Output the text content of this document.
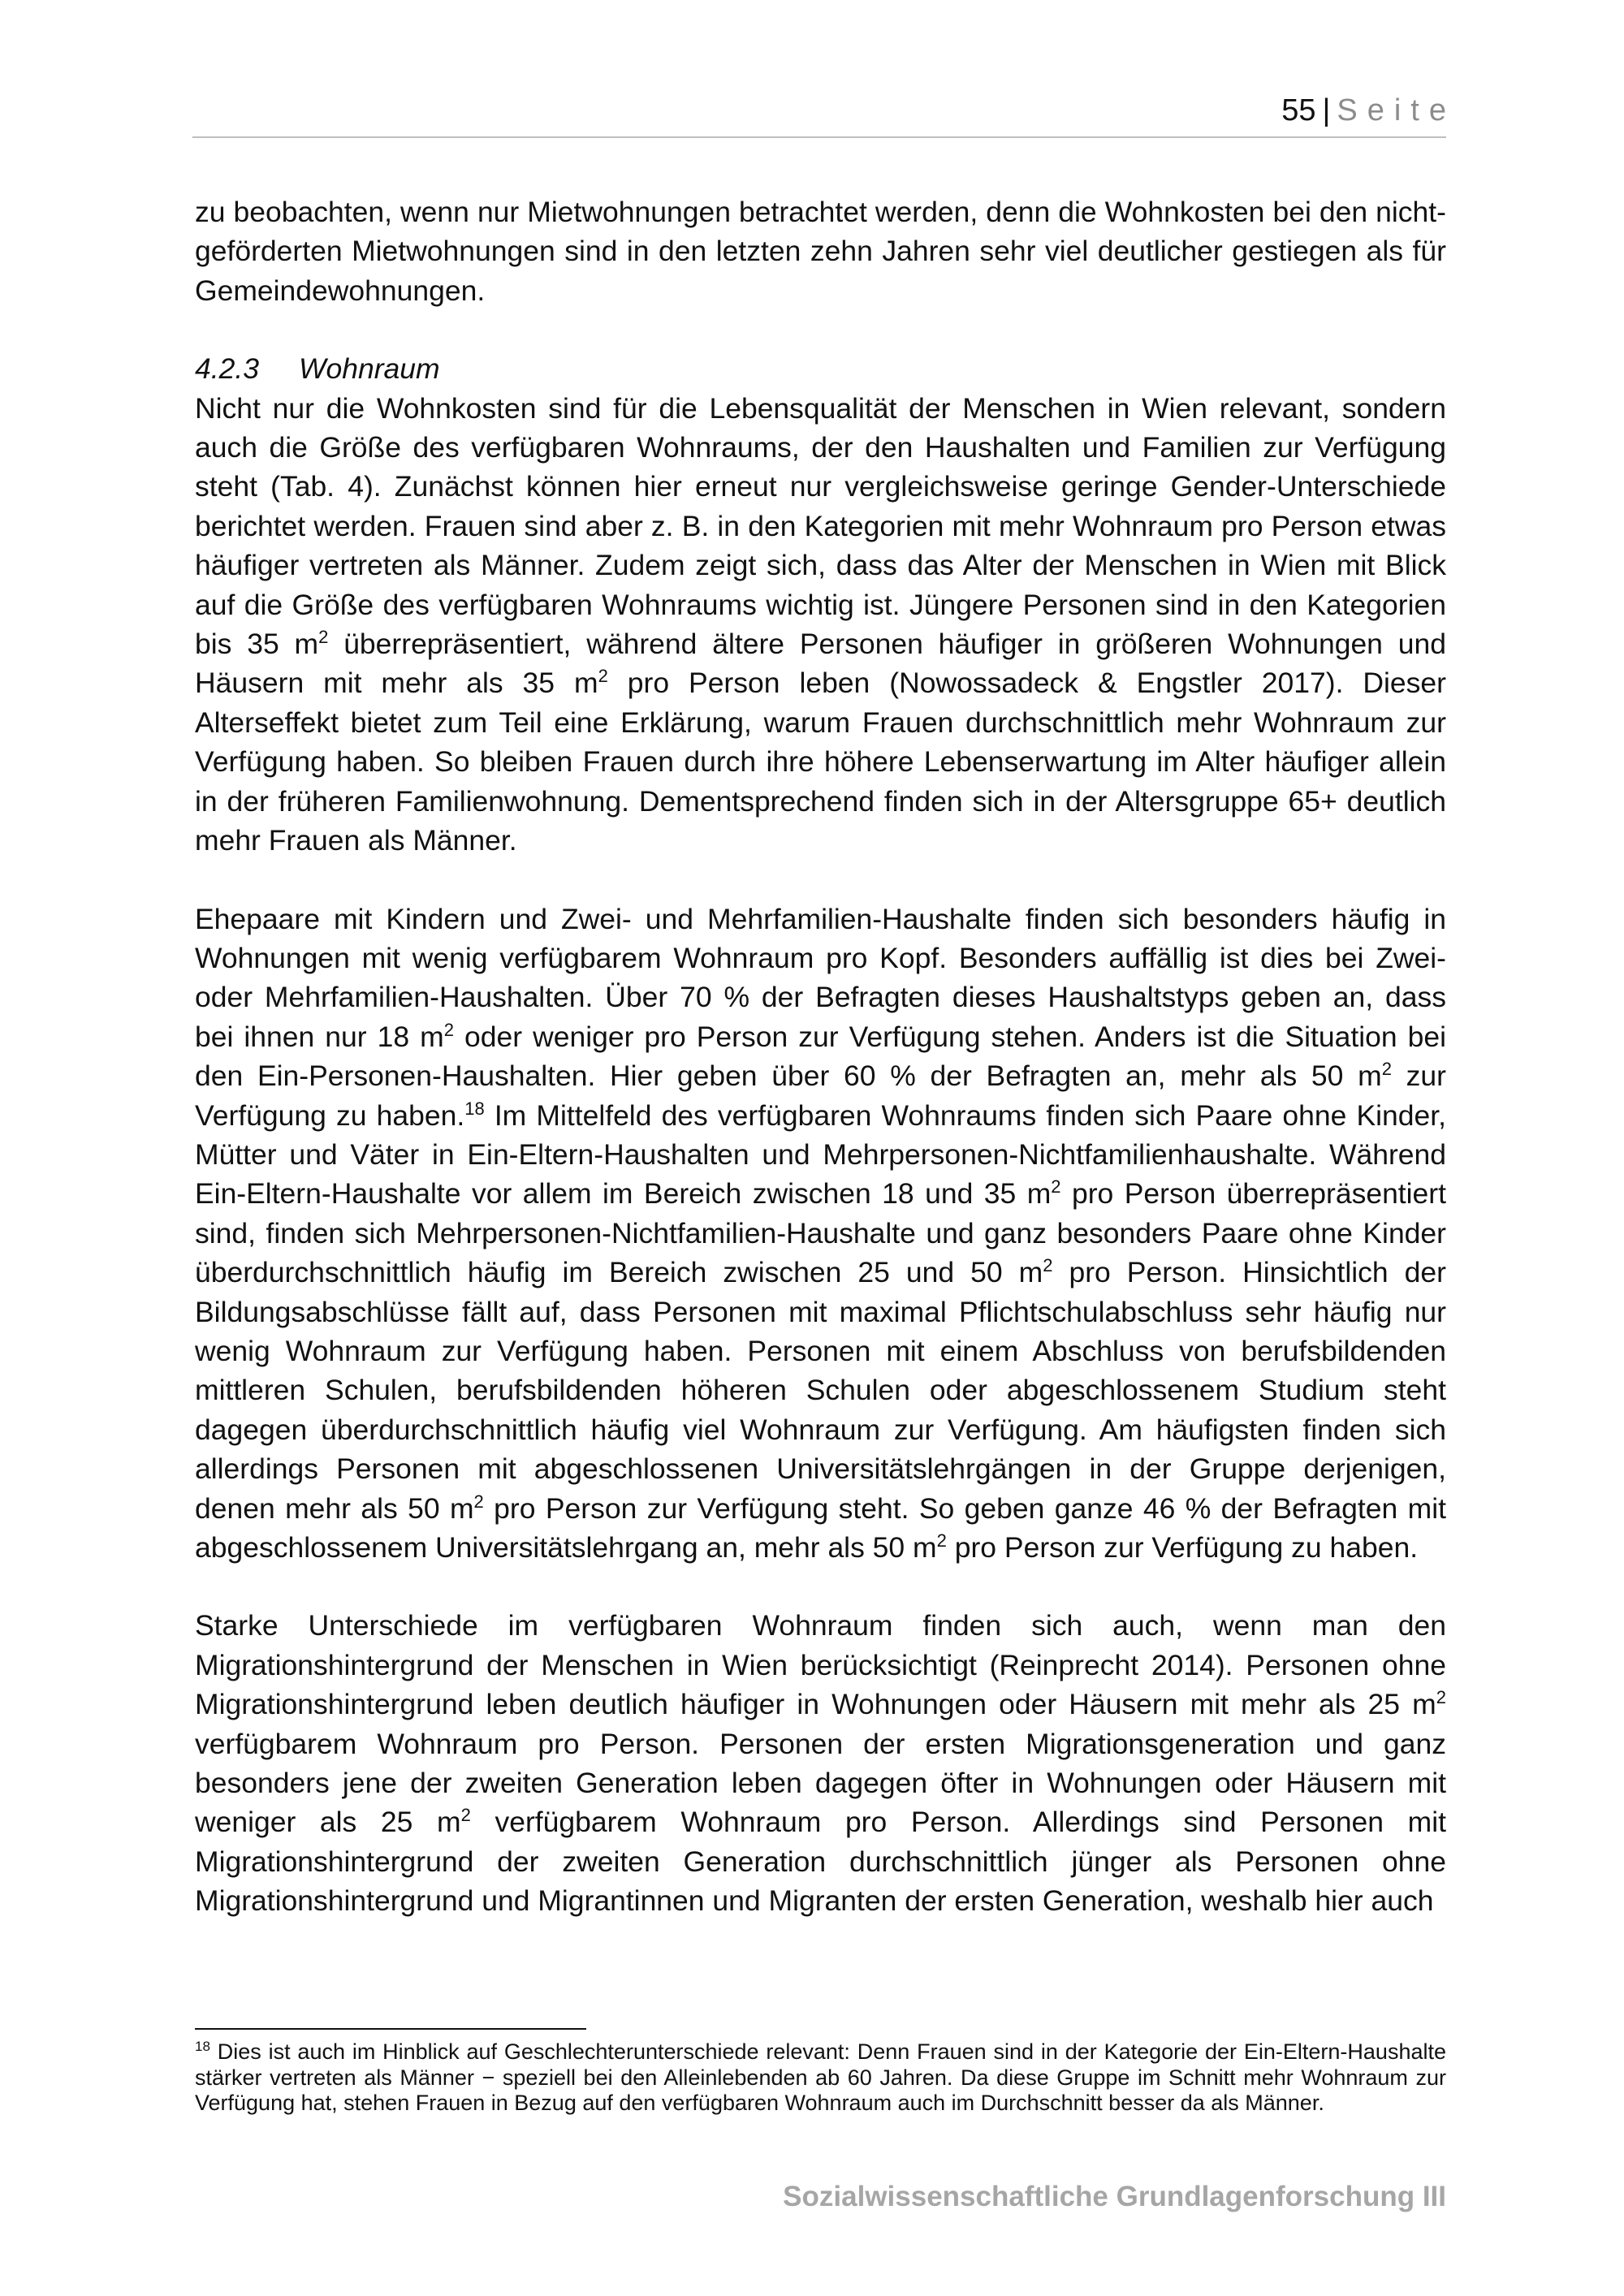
55 | Seite

zu beobachten, wenn nur Mietwohnungen betrachtet werden, denn die Wohnkosten bei den nicht-geförderten Mietwohnungen sind in den letzten zehn Jahren sehr viel deutlicher gestiegen als für Gemeindewohnungen.

4.2.3 Wohnraum

Nicht nur die Wohnkosten sind für die Lebensqualität der Menschen in Wien relevant, sondern auch die Größe des verfügbaren Wohnraums, der den Haushalten und Familien zur Verfügung steht (Tab. 4). Zunächst können hier erneut nur vergleichsweise geringe Gender-Unterschiede berichtet werden. Frauen sind aber z. B. in den Kategorien mit mehr Wohnraum pro Person etwas häufiger vertreten als Männer. Zudem zeigt sich, dass das Alter der Menschen in Wien mit Blick auf die Größe des verfügbaren Wohnraums wichtig ist. Jüngere Personen sind in den Kategorien bis 35 $m^2$ überrepräsentiert, während ältere Personen häufiger in größeren Wohnungen und Häusern mit mehr als 35 $m^2$ pro Person leben (Nowossadeck & Engstler 2017). Dieser Alterseffekt bietet zum Teil eine Erklärung, warum Frauen durchschnittlich mehr Wohnraum zur Verfügung haben. So bleiben Frauen durch ihre höhere Lebenserwartung im Alter häufiger allein in der früheren Familienwohnung. Dementsprechend finden sich in der Altersgruppe 65+ deutlich mehr Frauen als Männer.

Ehepaare mit Kindern und Zwei- und Mehrfamilien-Haushalte finden sich besonders häufig in Wohnungen mit wenig verfügbarem Wohnraum pro Kopf. Besonders auffällig ist dies bei Zwei- oder Mehrfamilien-Haushalten. Über 70 % der Befragten dieses Haushaltstyps geben an, dass bei ihnen nur 18 $m^2$ oder weniger pro Person zur Verfügung stehen. Anders ist die Situation bei den Ein-Personen-Haushalten. Hier geben über 60 % der Befragten an, mehr als 50 $m^2$ zur Verfügung zu haben.$^{18}$ Im Mittelfeld des verfügbaren Wohnraums finden sich Paare ohne Kinder, Mütter und Väter in Ein-Eltern-Haushalten und Mehrpersonen-Nichtfamilienhaushalte. Während Ein-Eltern-Haushalte vor allem im Bereich zwischen 18 und 35 $m^2$ pro Person überrepräsentiert sind, finden sich Mehrpersonen-Nichtfamilien-Haushalte und ganz besonders Paare ohne Kinder überdurchschnittlich häufig im Bereich zwischen 25 und 50 $m^2$ pro Person. Hinsichtlich der Bildungsabschlüsse fällt auf, dass Personen mit maximal Pflichtschulabschluss sehr häufig nur wenig Wohnraum zur Verfügung haben. Personen mit einem Abschluss von berufsbildenden mittleren Schulen, berufsbildenden höheren Schulen oder abgeschlossenem Studium steht dagegen überdurchschnittlich häufig viel Wohnraum zur Verfügung. Am häufigsten finden sich allerdings Personen mit abgeschlossenen Universitätslehrgängen in der Gruppe derjenigen, denen mehr als 50 $m^2$ pro Person zur Verfügung steht. So geben ganze 46 % der Befragten mit abgeschlossenem Universitätslehrgang an, mehr als 50 $m^2$ pro Person zur Verfügung zu haben.

Starke Unterschiede im verfügbaren Wohnraum finden sich auch, wenn man den Migrationshintergrund der Menschen in Wien berücksichtigt (Reinprecht 2014). Personen ohne Migrationshintergrund leben deutlich häufiger in Wohnungen oder Häusern mit mehr als 25 $m^2$ verfügbarem Wohnraum pro Person. Personen der ersten Migrationsgeneration und ganz besonders jene der zweiten Generation leben dagegen öfter in Wohnungen oder Häusern mit weniger als 25 $m^2$ verfügbarem Wohnraum pro Person. Allerdings sind Personen mit Migrationshintergrund der zweiten Generation durchschnittlich jünger als Personen ohne Migrationshintergrund und Migrantinnen und Migranten der ersten Generation, weshalb hier auch

$^{18}$ Dies ist auch im Hinblick auf Geschlechterunterschiede relevant: Denn Frauen sind in der Kategorie der Ein-Eltern-Haushalte stärker vertreten als Männer − speziell bei den Alleinlebenden ab 60 Jahren. Da diese Gruppe im Schnitt mehr Wohnraum zur Verfügung hat, stehen Frauen in Bezug auf den verfügbaren Wohnraum auch im Durchschnitt besser da als Männer.
Sozialwissenschaftliche Grundlagenforschung III
